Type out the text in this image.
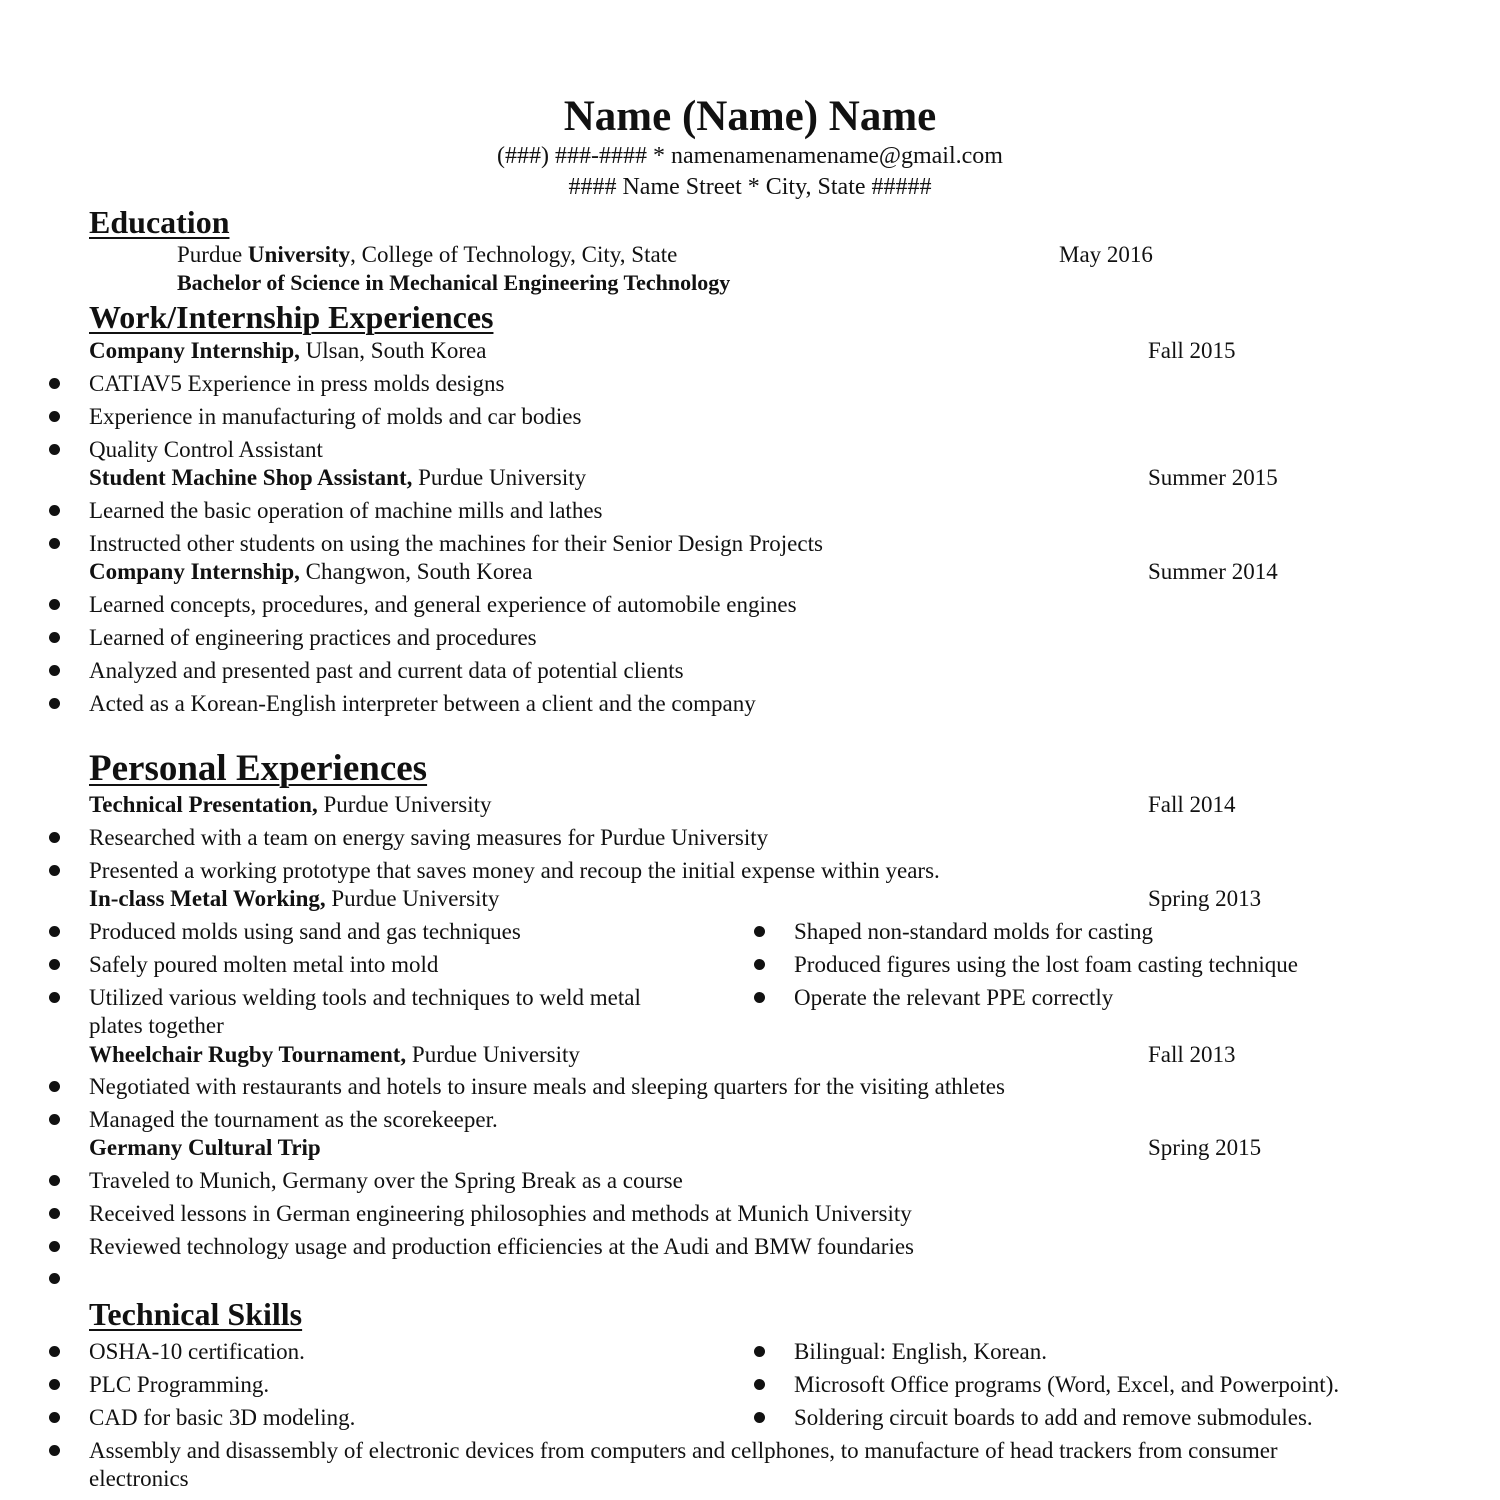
Name (Name) Name
(###) ###-#### * namenamenamename@gmail.com
#### Name Street * City, State #####
Education
Purdue University, College of Technology, City, State	May 2016
Bachelor of Science in Mechanical Engineering Technology
Work/Internship Experiences
Company Internship, Ulsan, South Korea	Fall 2015
CATIAV5 Experience in press molds designs
Experience in manufacturing of molds and car bodies
Quality Control Assistant
Student Machine Shop Assistant, Purdue University	Summer 2015
Learned the basic operation of machine mills and lathes
Instructed other students on using the machines for their Senior Design Projects
Company Internship, Changwon, South Korea	Summer 2014
Learned concepts, procedures, and general experience of automobile engines
Learned of engineering practices and procedures
Analyzed and presented past and current data of potential clients
Acted as a Korean-English interpreter between a client and the company
Personal Experiences
Technical Presentation, Purdue University	Fall 2014
Researched with a team on energy saving measures for Purdue University
Presented a working prototype that saves money and recoup the initial expense within years.
In-class Metal Working, Purdue University	Spring 2013
Produced molds using sand and gas techniques
Safely poured molten metal into mold
Utilized various welding tools and techniques to weld metal
plates together
Shaped non-standard molds for casting
Produced figures using the lost foam casting technique
Operate the relevant PPE correctly
Wheelchair Rugby Tournament, Purdue University	Fall 2013
Negotiated with restaurants and hotels to insure meals and sleeping quarters for the visiting athletes
Managed the tournament as the scorekeeper.
Germany Cultural Trip	Spring 2015
Traveled to Munich, Germany over the Spring Break as a course
Received lessons in German engineering philosophies and methods at Munich University
Reviewed technology usage and production efficiencies at the Audi and BMW foundaries
Technical Skills
OSHA-10 certification.
PLC Programming.
CAD for basic 3D modeling.
Bilingual: English, Korean.
Microsoft Office programs (Word, Excel, and Powerpoint).
Soldering circuit boards to add and remove submodules.
Assembly and disassembly of electronic devices from computers and cellphones, to manufacture of head trackers from consumer
electronics
